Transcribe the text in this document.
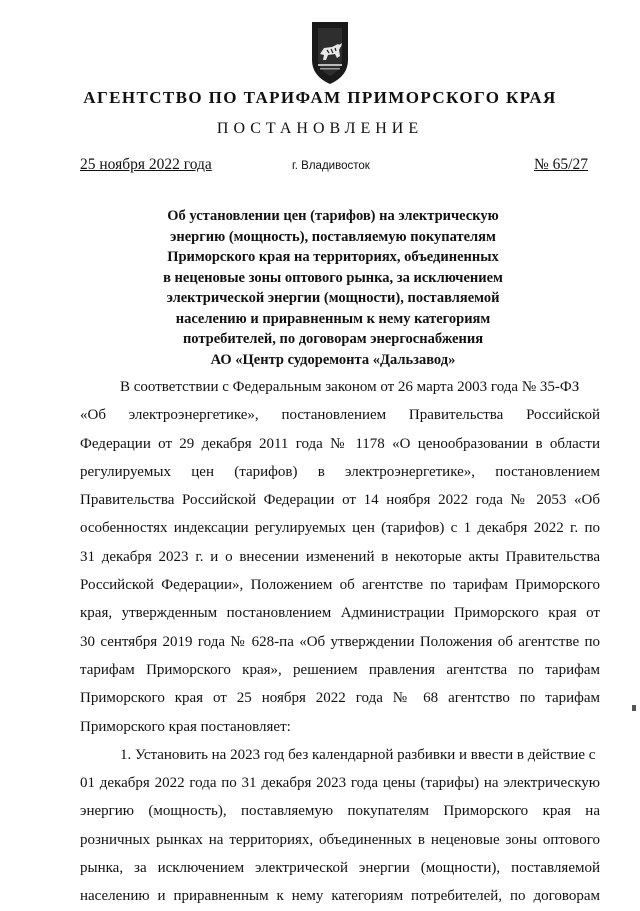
АГЕНТСТВО ПО ТАРИФАМ ПРИМОРСКОГО КРАЯ
ПОСТАНОВЛЕНИЕ
25 ноября 2022 года	г. Владивосток	№ 65/27
Об установлении цен (тарифов) на электрическую
энергию (мощность), поставляемую покупателям
Приморского края на территориях, объединенных
в неценовые зоны оптового рынка, за исключением
электрической энергии (мощности), поставляемой
населению и приравненным к нему категориям
потребителей, по договорам энергоснабжения
АО «Центр судоремонта «Дальзавод»
В соответствии с Федеральным законом от 26 марта 2003 года № 35-ФЗ
«Об электроэнергетике», постановлением Правительства Российской
Федерации от 29 декабря 2011 года № 1178 «О ценообразовании в области
регулируемых цен (тарифов) в электроэнергетике», постановлением
Правительства Российской Федерации от 14 ноября 2022 года № 2053 «Об
особенностях индексации регулируемых цен (тарифов) с 1 декабря 2022 г. по
31 декабря 2023 г. и о внесении изменений в некоторые акты Правительства
Российской Федерации», Положением об агентстве по тарифам Приморского
края, утвержденным постановлением Администрации Приморского края от
30 сентября 2019 года № 628-па «Об утверждении Положения об агентстве по
тарифам Приморского края», решением правления агентства по тарифам
Приморского края от 25 ноября 2022 года № 68 агентство по тарифам
Приморского края постановляет:
1. Установить на 2023 год без календарной разбивки и ввести в действие с
01 декабря 2022 года по 31 декабря 2023 года цены (тарифы) на электрическую
энергию (мощность), поставляемую покупателям Приморского края на
розничных рынках на территориях, объединенных в неценовые зоны оптового
рынка, за исключением электрической энергии (мощности), поставляемой
населению и приравненным к нему категориям потребителей, по договорам
